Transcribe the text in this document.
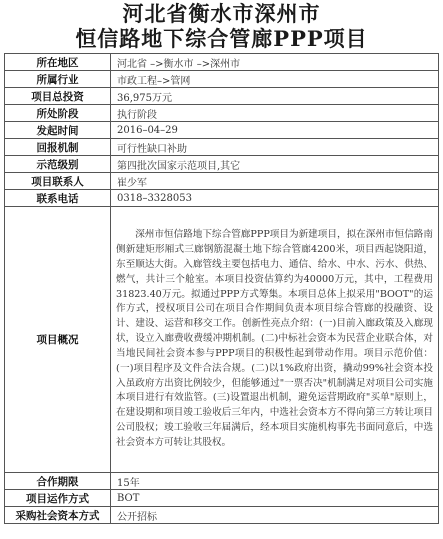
河北省衡水市深州市
恒信路地下综合管廊PPP项目
所在地区	河北省 –>衡水市 –>深州市
所属行业	市政工程–>管网
项目总投资	36,975万元
所处阶段	执行阶段
发起时间	2016–04–29
回报机制	可行性缺口补助
示范级别	第四批次国家示范项目,其它
项目联系人	崔少军
联系电话	0318–3328053
项目概况	深州市恒信路地下综合管廊PPP项目为新建项目，拟在深州市恒信路南侧新建矩形厢式三廊钢筋混凝土地下综合管廊4200米，项目西起饶阳道，东至顺达大街。入廊管线主要包括电力、通信、给水、中水、污水、供热、燃气，共计三个舱室。本项目投资估算约为40000万元，其中，工程费用31823.40万元。拟通过PPP方式筹集。本项目总体上拟采用"BOOT"的运作方式，授权项目公司在项目合作期间负责本项目综合管廊的投融资、设计、建设、运营和移交工作。创新性亮点介绍：(一)目前入廊政策及入廊现状，设立入廊费收费缓冲期机制。(二)中标社会资本为民营企业联合体，对当地民间社会资本参与PPP项目的积极性起到带动作用。项目示范价值：(一)项目程序及文件合法合规。(二)以1%政府出资，撬动99%社会资本投入虽政府方出资比例较少，但能够通过"一票否决"机制满足对项目公司实施本项目进行有效监管。(三)设置退出机制，避免运营期政府"买单"原则上，在建设期和项目竣工验收后三年内，中选社会资本方不得向第三方转让项目公司股权；竣工验收三年届满后，经本项目实施机构事先书面同意后，中选社会资本方可转让其股权。

合作期限	15年
项目运作方式	BOT
采购社会资本方式	公开招标
